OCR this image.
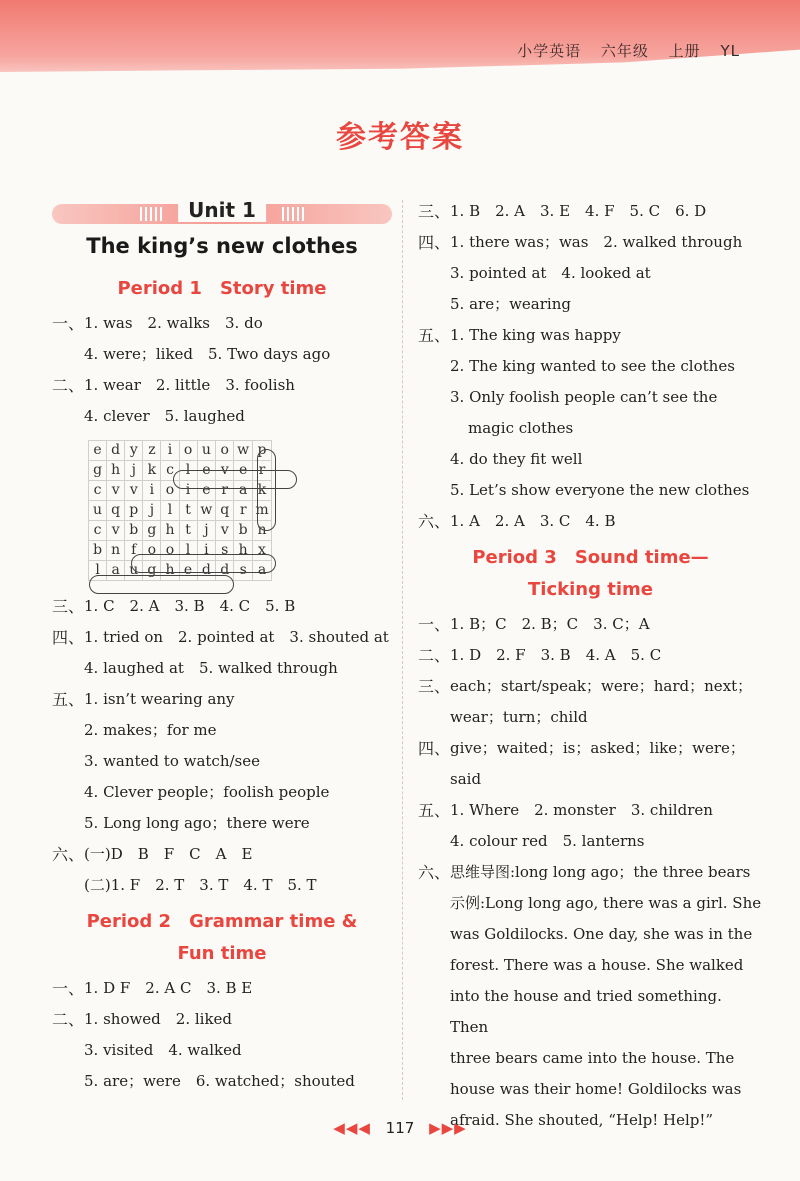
小学英语 六年级 上册 YL
参考答案
Unit 1
The king’s new clothes
Period 1　Story time
一、 1. was　2. walks　3. do
4. were；liked　5. Two days ago
二、 1. wear　2. little　3. foolish
4. clever　5. laughed
e	d	y	z	i	o	u	o	w	p
g	h	j	k	c	l	e	v	e	r
c	v	v	i	o	i	e	r	a	k
u	q	p	j	l	t	w	q	r	m
c	v	b	g	h	t	j	v	b	n
b	n	f	o	o	l	i	s	h	x
l	a	u	g	h	e	d	d	s	a
三、 1. C　2. A　3. B　4. C　5. B
四、 1. tried on　2. pointed at　3. shouted at
4. laughed at　5. walked through
五、 1. isn’t wearing any
2. makes；for me
3. wanted to watch/see
4. Clever people；foolish people
5. Long long ago；there were
六、 (一)D　B　F　C　A　E
(二)1. F　2. T　3. T　4. T　5. T
Period 2　Grammar time &
Fun time
一、 1. D F　2. A C　3. B E
二、 1. showed　2. liked
3. visited　4. walked
5. are；were　6. watched；shouted
三、 1. B　2. A　3. E　4. F　5. C　6. D
四、 1. there was；was　2. walked through
3. pointed at　4. looked at
5. are；wearing
五、 1. The king was happy
2. The king wanted to see the clothes
3. Only foolish people can’t see the
magic clothes
4. do they fit well
5. Let’s show everyone the new clothes
六、 1. A　2. A　3. C　4. B
Period 3　Sound time—
Ticking time
一、 1. B；C　2. B；C　3. C；A
二、 1. D　2. F　3. B　4. A　5. C
三、 each；start/speak；were；hard；next；
wear；turn；child
四、 give；waited；is；asked；like；were；
said
五、 1. Where　2. monster　3. children
4. colour red　5. lanterns
六、 思维导图:long long ago；the three bears
示例:Long long ago, there was a girl. She
was Goldilocks. One day, she was in the
forest. There was a house. She walked
into the house and tried something. Then
three bears came into the house. The
house was their home! Goldilocks was
afraid. She shouted, “Help! Help!”
◀◀◀ 117 ▶▶▶
